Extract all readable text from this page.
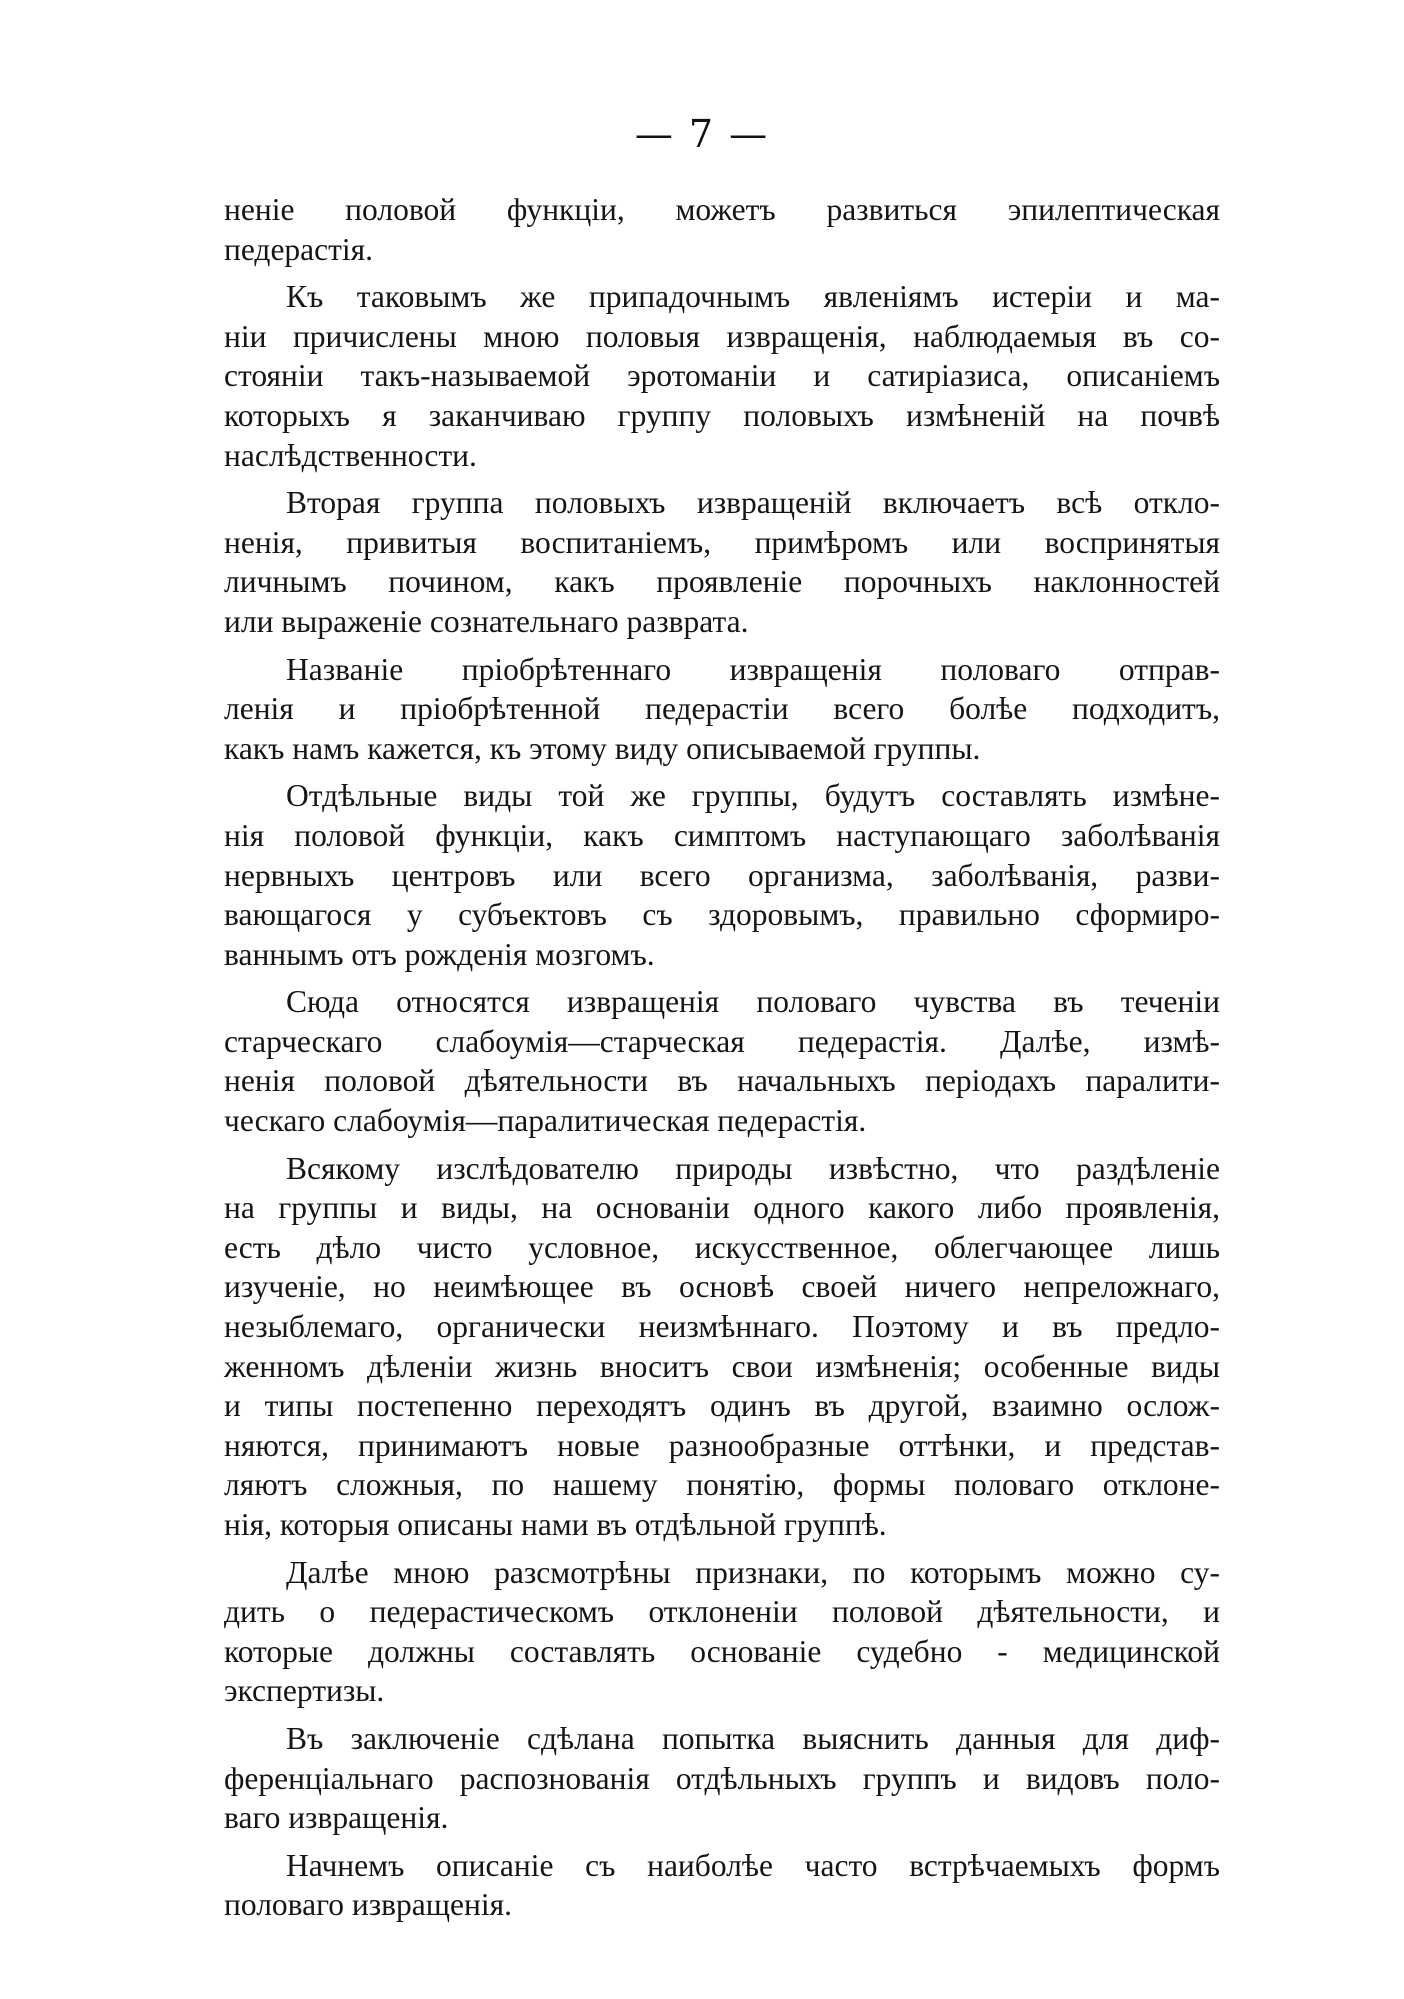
— 7 —
неніе половой функціи, можетъ развиться эпилептическая
педерастія.
Къ таковымъ же припадочнымъ явленіямъ истеріи и ма-
ніи причислены мною половыя извращенія, наблюдаемыя въ со-
стояніи такъ-называемой эротоманіи и сатиріазиса, описаніемъ
которыхъ я заканчиваю группу половыхъ измѣненій на почвѣ
наслѣдственности.
Вторая группа половыхъ извращеній включаетъ всѣ откло-
ненія, привитыя воспитаніемъ, примѣромъ или воспринятыя
личнымъ почином, какъ проявленіе порочныхъ наклонностей
или выраженіе сознательнаго разврата.
Названіе пріобрѣтеннаго извращенія половаго отправ-
ленія и пріобрѣтенной педерастіи всего болѣе подходитъ,
какъ намъ кажется, къ этому виду описываемой группы.
Отдѣльные виды той же группы, будутъ составлять измѣне-
нія половой функціи, какъ симптомъ наступающаго заболѣванія
нервныхъ центровъ или всего организма, заболѣванія, разви-
вающагося у субъектовъ съ здоровымъ, правильно сформиро-
ваннымъ отъ рожденія мозгомъ.
Сюда относятся извращенія половаго чувства въ теченіи
старческаго слабоумія—старческая педерастія. Далѣе, измѣ-
ненія половой дѣятельности въ начальныхъ періодахъ паралити-
ческаго слабоумія—паралитическая педерастія.
Всякому изслѣдователю природы извѣстно, что раздѣленіе
на группы и виды, на основаніи одного какого либо проявленія,
есть дѣло чисто условное, искусственное, облегчающее лишь
изученіе, но неимѣющее въ основѣ своей ничего непреложнаго,
незыблемаго, органически неизмѣннаго. Поэтому и въ предло-
женномъ дѣленіи жизнь вноситъ свои измѣненія; особенные виды
и типы постепенно переходятъ одинъ въ другой, взаимно ослож-
няются, принимаютъ новые разнообразные оттѣнки, и представ-
ляютъ сложныя, по нашему понятію, формы половаго отклоне-
нія, которыя описаны нами въ отдѣльной группѣ.
Далѣе мною разсмотрѣны признаки, по которымъ можно су-
дить о педерастическомъ отклоненіи половой дѣятельности, и
которые должны составлять основаніе судебно - медицинской
экспертизы.
Въ заключеніе сдѣлана попытка выяснить данныя для диф-
ференціальнаго распознованія отдѣльныхъ группъ и видовъ поло-
ваго извращенія.
Начнемъ описаніе съ наиболѣе часто встрѣчаемыхъ формъ
половаго извращенія.
